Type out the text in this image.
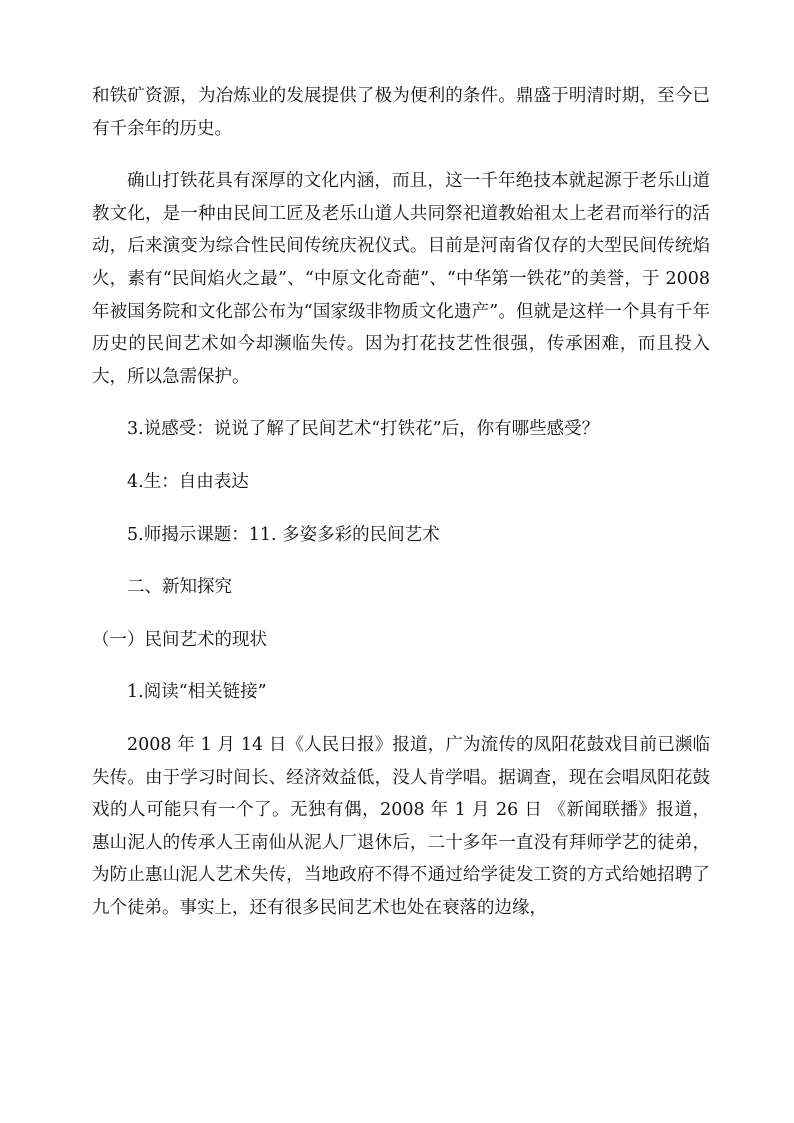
和铁矿资源，为冶炼业的发展提供了极为便利的条件。鼎盛于明清时期，至今已有千余年的历史。

确山打铁花具有深厚的文化内涵，而且，这一千年绝技本就起源于老乐山道教文化，是一种由民间工匠及老乐山道人共同祭祀道教始祖太上老君而举行的活动，后来演变为综合性民间传统庆祝仪式。目前是河南省仅存的大型民间传统焰火，素有“民间焰火之最”、“中原文化奇葩”、“中华第一铁花”的美誉，于 2008 年被国务院和文化部公布为“国家级非物质文化遗产”。但就是这样一个具有千年历史的民间艺术如今却濒临失传。因为打花技艺性很强，传承困难，而且投入大，所以急需保护。

3.说感受：说说了解了民间艺术“打铁花”后，你有哪些感受？

4.生：自由表达

5.师揭示课题：11. 多姿多彩的民间艺术

二、新知探究

（一）民间艺术的现状

1.阅读“相关链接”

2008 年 1 月 14 日《人民日报》报道，广为流传的凤阳花鼓戏目前已濒临失传。由于学习时间长、经济效益低，没人肯学唱。据调查，现在会唱凤阳花鼓戏的人可能只有一个了。无独有偶，2008 年 1 月 26 日 《新闻联播》报道，惠山泥人的传承人王南仙从泥人厂退休后，二十多年一直没有拜师学艺的徒弟，为防止惠山泥人艺术失传，当地政府不得不通过给学徒发工资的方式给她招聘了九个徒弟。事实上，还有很多民间艺术也处在衰落的边缘，
